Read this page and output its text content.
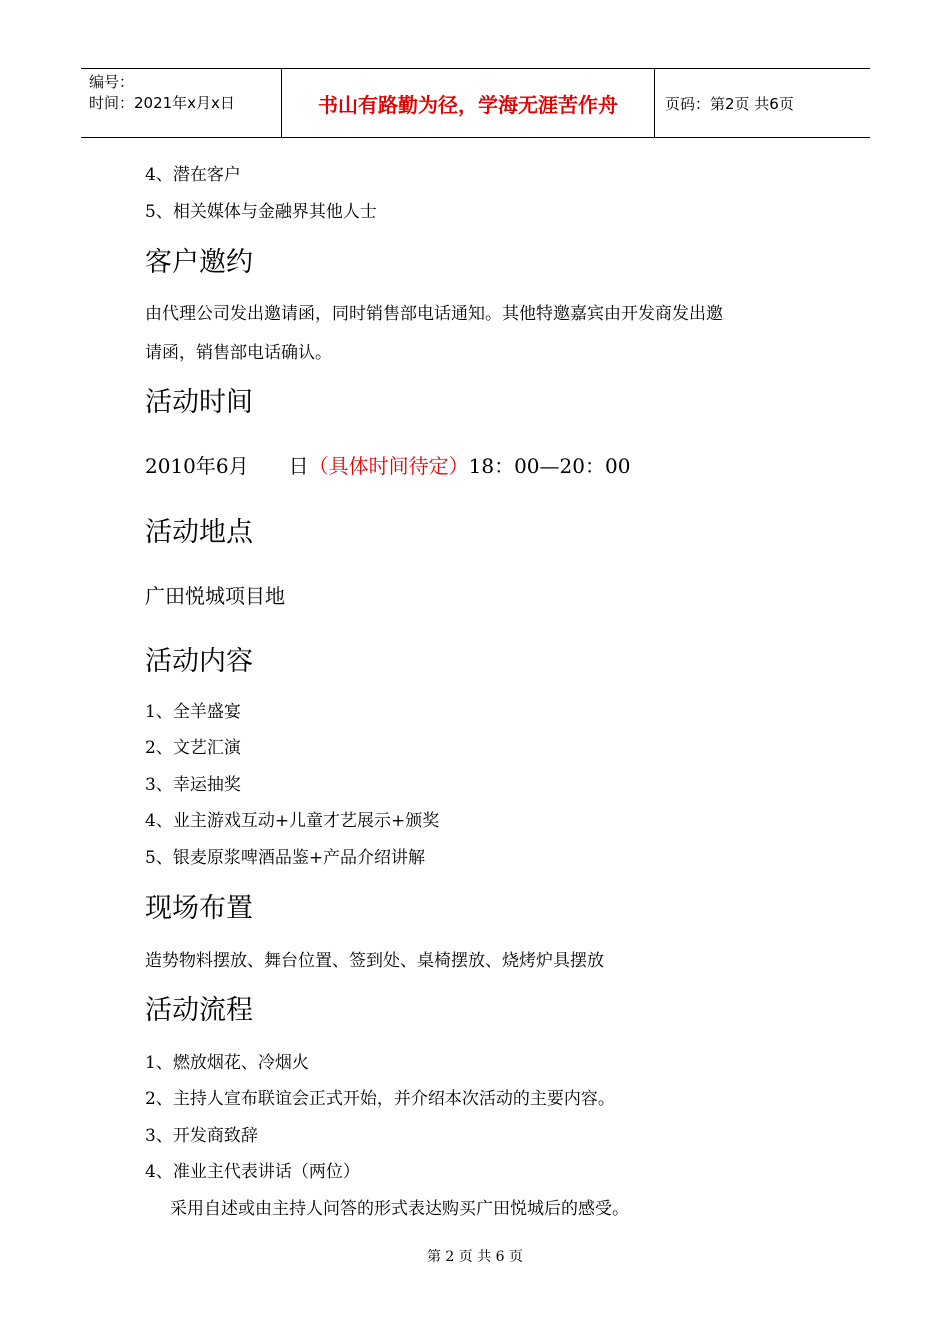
编号：
时间：2021年x月x日	书山有路勤为径，学海无涯苦作舟	页码：第2页 共6页
4、潜在客户
5、相关媒体与金融界其他人士
客户邀约
由代理公司发出邀请函，同时销售部电话通知。其他特邀嘉宾由开发商发出邀
请函，销售部电话确认。
活动时间
2010年6月　　日（具体时间待定）18：00—20：00
活动地点
广田悦城项目地
活动内容
1、全羊盛宴
2、文艺汇演
3、幸运抽奖
4、业主游戏互动+儿童才艺展示+颁奖
5、银麦原浆啤酒品鉴+产品介绍讲解
现场布置
造势物料摆放、舞台位置、签到处、桌椅摆放、烧烤炉具摆放
活动流程
1、燃放烟花、冷烟火
2、主持人宣布联谊会正式开始，并介绍本次活动的主要内容。
3、开发商致辞
4、准业主代表讲话（两位）
采用自述或由主持人问答的形式表达购买广田悦城后的感受。
第 2 页 共 6 页
